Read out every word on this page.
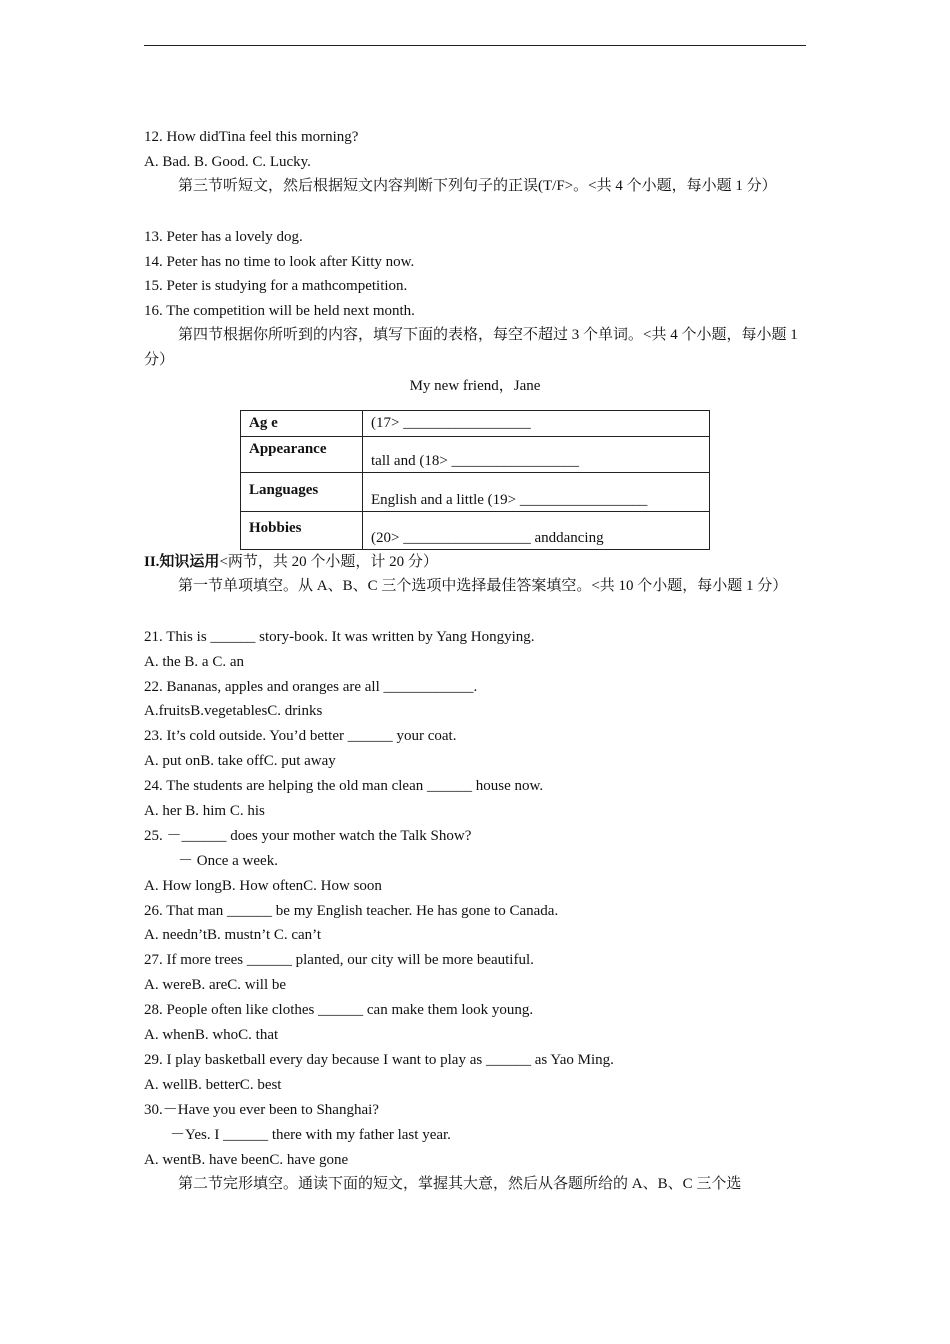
12. How didTina feel this morning?
A. Bad. B. Good. C. Lucky.
第三节听短文，然后根据短文内容判断下列句子的正误(T/F>。<共 4 个小题，每小题 1 分）
13. Peter has a lovely dog.
14. Peter has no time to look after Kitty now.
15. Peter is studying for a mathcompetition.
16. The competition will be held next month.
第四节根据你所听到的内容，填写下面的表格，每空不超过 3 个单词。<共 4 个小题，每小题 1 分）
My new friend，Jane
Ag e	(17> _________________
Appearance	tall and (18> _________________
Languages	English and a little (19> _________________
Hobbies	(20> _________________ anddancing
II.知识运用<两节，共 20 个小题，计 20 分）
第一节单项填空。从 A、B、C 三个选项中选择最佳答案填空。<共 10 个小题，每小题 1 分）
21. This is ______ story-book. It was written by Yang Hongying.
A. the B. a C. an
22. Bananas, apples and oranges are all ____________.
A.fruitsB.vegetablesC. drinks
23. It’s cold outside. You’d better ______ your coat.
A. put onB. take offC. put away
24. The students are helping the old man clean ______ house now.
A. her B. him C. his
25. －______ does your mother watch the Talk Show?
－ Once a week.
A. How longB. How oftenC. How soon
26. That man ______ be my English teacher. He has gone to Canada.
A. needn’tB. mustn’t C. can’t
27. If more trees ______ planted, our city will be more beautiful.
A. wereB. areC. will be
28. People often like clothes ______ can make them look young.
A. whenB. whoC. that
29. I play basketball every day because I want to play as ______ as Yao Ming.
A. wellB. betterC. best
30.－Have you ever been to Shanghai?
－Yes. I ______ there with my father last year.
A. wentB. have beenC. have gone
第二节完形填空。通读下面的短文，掌握其大意，然后从各题所给的 A、B、C 三个选
